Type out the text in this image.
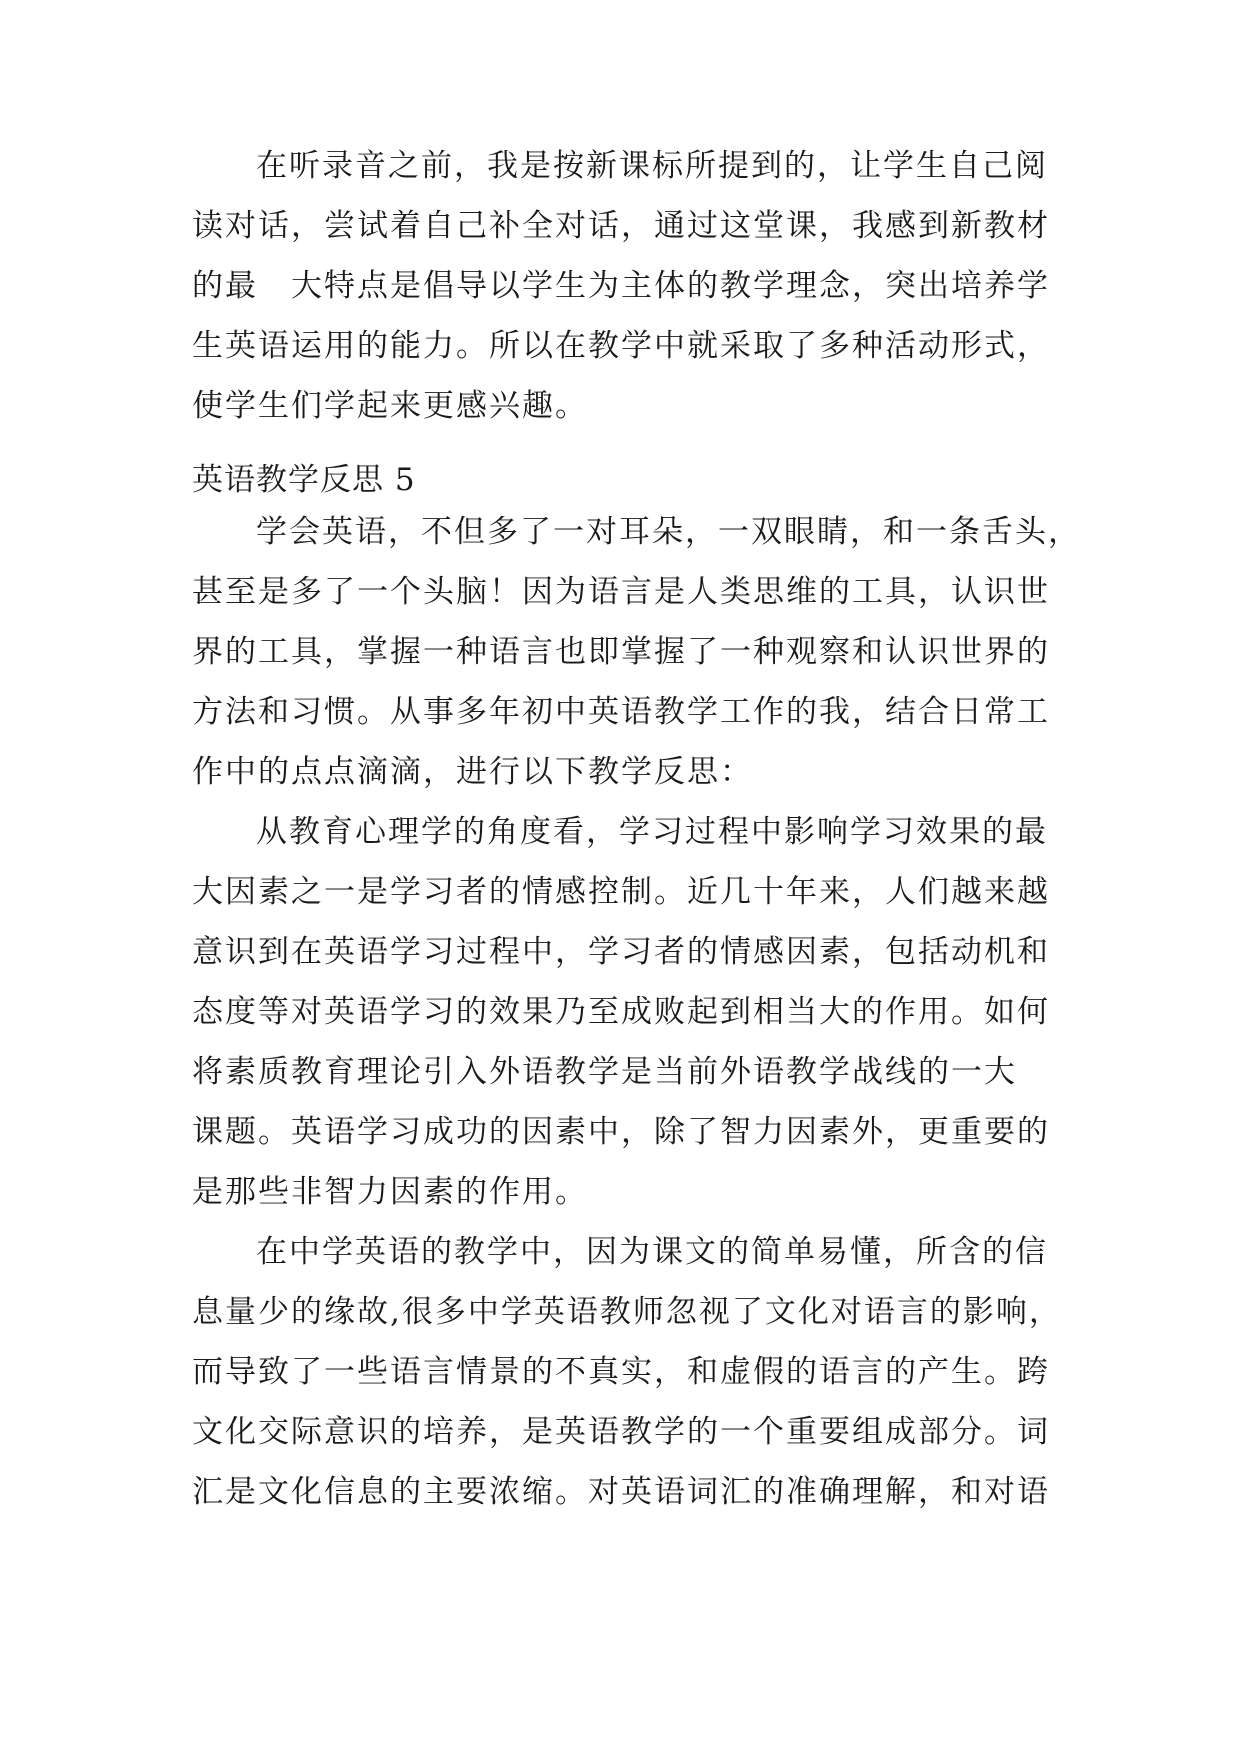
在听录音之前，我是按新课标所提到的，让学生自己阅
读对话，尝试着自己补全对话，通过这堂课，我感到新教材
的最　大特点是倡导以学生为主体的教学理念，突出培养学
生英语运用的能力。所以在教学中就采取了多种活动形式，
使学生们学起来更感兴趣。
英语教学反思 5
学会英语，不但多了一对耳朵，一双眼睛，和一条舌头，
甚至是多了一个头脑！因为语言是人类思维的工具，认识世
界的工具，掌握一种语言也即掌握了一种观察和认识世界的
方法和习惯。从事多年初中英语教学工作的我，结合日常工
作中的点点滴滴，进行以下教学反思：
从教育心理学的角度看，学习过程中影响学习效果的最
大因素之一是学习者的情感控制。近几十年来，人们越来越
意识到在英语学习过程中，学习者的情感因素，包括动机和
态度等对英语学习的效果乃至成败起到相当大的作用。如何
将素质教育理论引入外语教学是当前外语教学战线的一大
课题。英语学习成功的因素中，除了智力因素外，更重要的
是那些非智力因素的作用。
在中学英语的教学中，因为课文的简单易懂，所含的信
息量少的缘故,很多中学英语教师忽视了文化对语言的影响，
而导致了一些语言情景的不真实，和虚假的语言的产生。跨
文化交际意识的培养，是英语教学的一个重要组成部分。词
汇是文化信息的主要浓缩。对英语词汇的准确理解，和对语
